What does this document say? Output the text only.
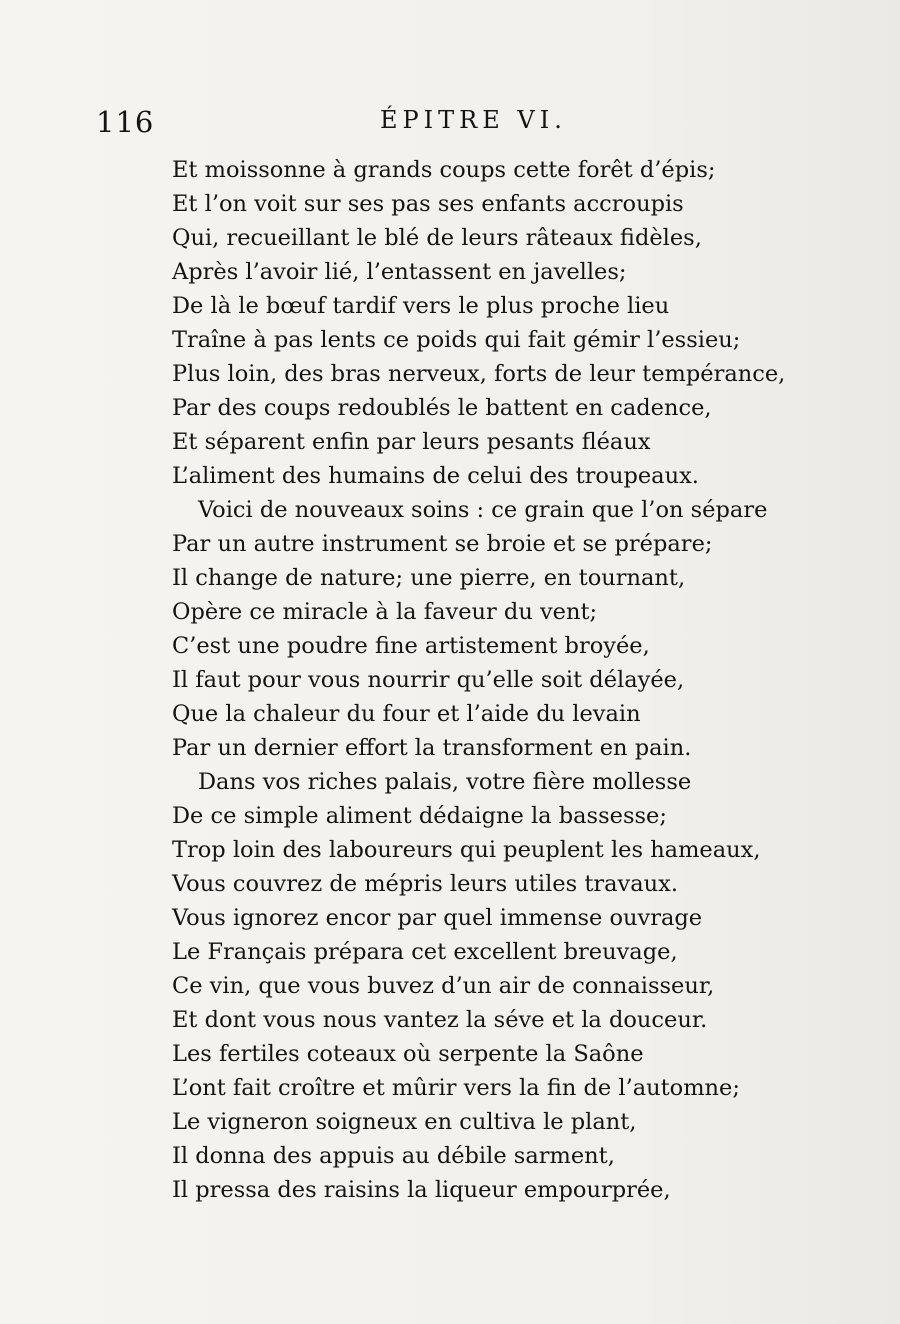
116	ÉPITRE VI.
Et moissonne à grands coups cette forêt d’épis;
Et l’on voit sur ses pas ses enfants accroupis
Qui, recueillant le blé de leurs râteaux fidèles,
Après l’avoir lié, l’entassent en javelles;
De là le bœuf tardif vers le plus proche lieu
Traîne à pas lents ce poids qui fait gémir l’essieu;
Plus loin, des bras nerveux, forts de leur tempérance,
Par des coups redoublés le battent en cadence,
Et séparent enfin par leurs pesants fléaux
L’aliment des humains de celui des troupeaux.
Voici de nouveaux soins : ce grain que l’on sépare
Par un autre instrument se broie et se prépare;
Il change de nature; une pierre, en tournant,
Opère ce miracle à la faveur du vent;
C’est une poudre fine artistement broyée,
Il faut pour vous nourrir qu’elle soit délayée,
Que la chaleur du four et l’aide du levain
Par un dernier effort la transforment en pain.
Dans vos riches palais, votre fière mollesse
De ce simple aliment dédaigne la bassesse;
Trop loin des laboureurs qui peuplent les hameaux,
Vous couvrez de mépris leurs utiles travaux.
Vous ignorez encor par quel immense ouvrage
Le Français prépara cet excellent breuvage,
Ce vin, que vous buvez d’un air de connaisseur,
Et dont vous nous vantez la séve et la douceur.
Les fertiles coteaux où serpente la Saône
L’ont fait croître et mûrir vers la fin de l’automne;
Le vigneron soigneux en cultiva le plant,
Il donna des appuis au débile sarment,
Il pressa des raisins la liqueur empourprée,
